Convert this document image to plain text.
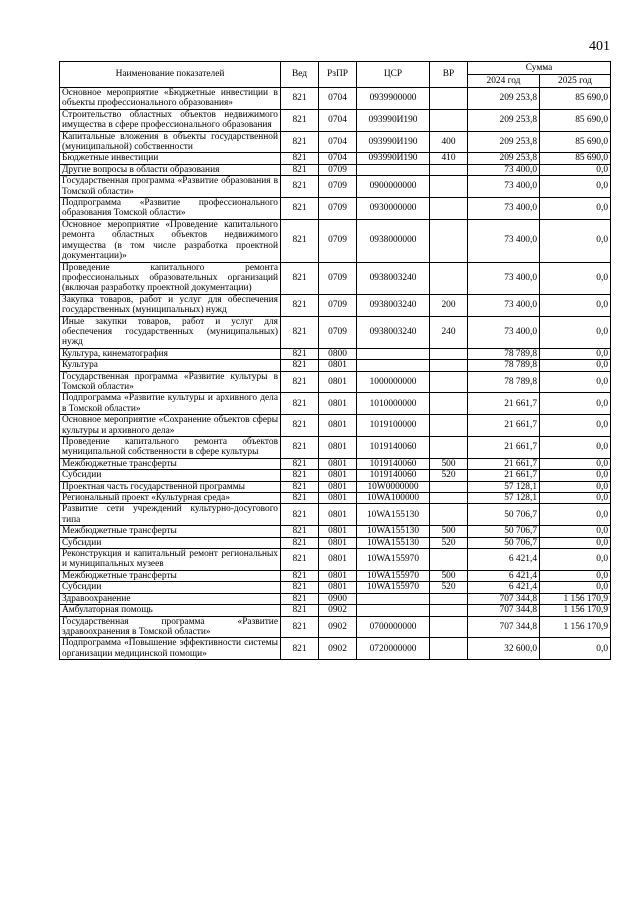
401
Наименование показателей	Вед	РзПР	ЦСР	ВР	Сумма	
					2024 год	2025 год
Основное мероприятие «Бюджетные инвестиции в объекты профессионального образования»	821	0704	0939900000		209 253,8	85 690,0
Строительство областных объектов недвижимого имущества в сфере профессионального образования	821	0704	093990И190		209 253,8	85 690,0
Капитальные вложения в объекты государственной (муниципальной) собственности	821	0704	093990И190	400	209 253,8	85 690,0
Бюджетные инвестиции	821	0704	093990И190	410	209 253,8	85 690,0
Другие вопросы в области образования	821	0709			73 400,0	0,0
Государственная программа «Развитие образования в Томской области»	821	0709	0900000000		73 400,0	0,0
Подпрограмма «Развитие профессионального образования Томской области»	821	0709	0930000000		73 400,0	0,0
Основное мероприятие «Проведение капитального ремонта областных объектов недвижимого имущества (в том числе разработка проектной документации)»	821	0709	0938000000		73 400,0	0,0
Проведение капитального ремонта профессиональных образовательных организаций (включая разработку проектной документации)	821	0709	0938003240		73 400,0	0,0
Закупка товаров, работ и услуг для обеспечения государственных (муниципальных) нужд	821	0709	0938003240	200	73 400,0	0,0
Иные закупки товаров, работ и услуг для обеспечения государственных (муниципальных) нужд	821	0709	0938003240	240	73 400,0	0,0
Культура, кинематография	821	0800			78 789,8	0,0
Культура	821	0801			78 789,8	0,0
Государственная программа «Развитие культуры в Томской области»	821	0801	1000000000		78 789,8	0,0
Подпрограмма «Развитие культуры и архивного дела в Томской области»	821	0801	1010000000		21 661,7	0,0
Основное мероприятие «Сохранение объектов сферы культуры и архивного дела»	821	0801	1019100000		21 661,7	0,0
Проведение капитального ремонта объектов муниципальной собственности в сфере культуры	821	0801	1019140060		21 661,7	0,0
Межбюджетные трансферты	821	0801	1019140060	500	21 661,7	0,0
Субсидии	821	0801	1019140060	520	21 661,7	0,0
Проектная часть государственной программы	821	0801	10W0000000		57 128,1	0,0
Региональный проект «Культурная среда»	821	0801	10WA100000		57 128,1	0,0
Развитие сети учреждений культурно-досугового типа	821	0801	10WA155130		50 706,7	0,0
Межбюджетные трансферты	821	0801	10WA155130	500	50 706,7	0,0
Субсидии	821	0801	10WA155130	520	50 706,7	0,0
Реконструкция и капитальный ремонт региональных и муниципальных музеев	821	0801	10WA155970		6 421,4	0,0
Межбюджетные трансферты	821	0801	10WA155970	500	6 421,4	0,0
Субсидии	821	0801	10WA155970	520	6 421,4	0,0
Здравоохранение	821	0900			707 344,8	1 156 170,9
Амбулаторная помощь	821	0902			707 344,8	1 156 170,9
Государственная программа «Развитие здравоохранения в Томской области»	821	0902	0700000000		707 344,8	1 156 170,9
Подпрограмма «Повышение эффективности системы организации медицинской помощи»	821	0902	0720000000		32 600,0	0,0
